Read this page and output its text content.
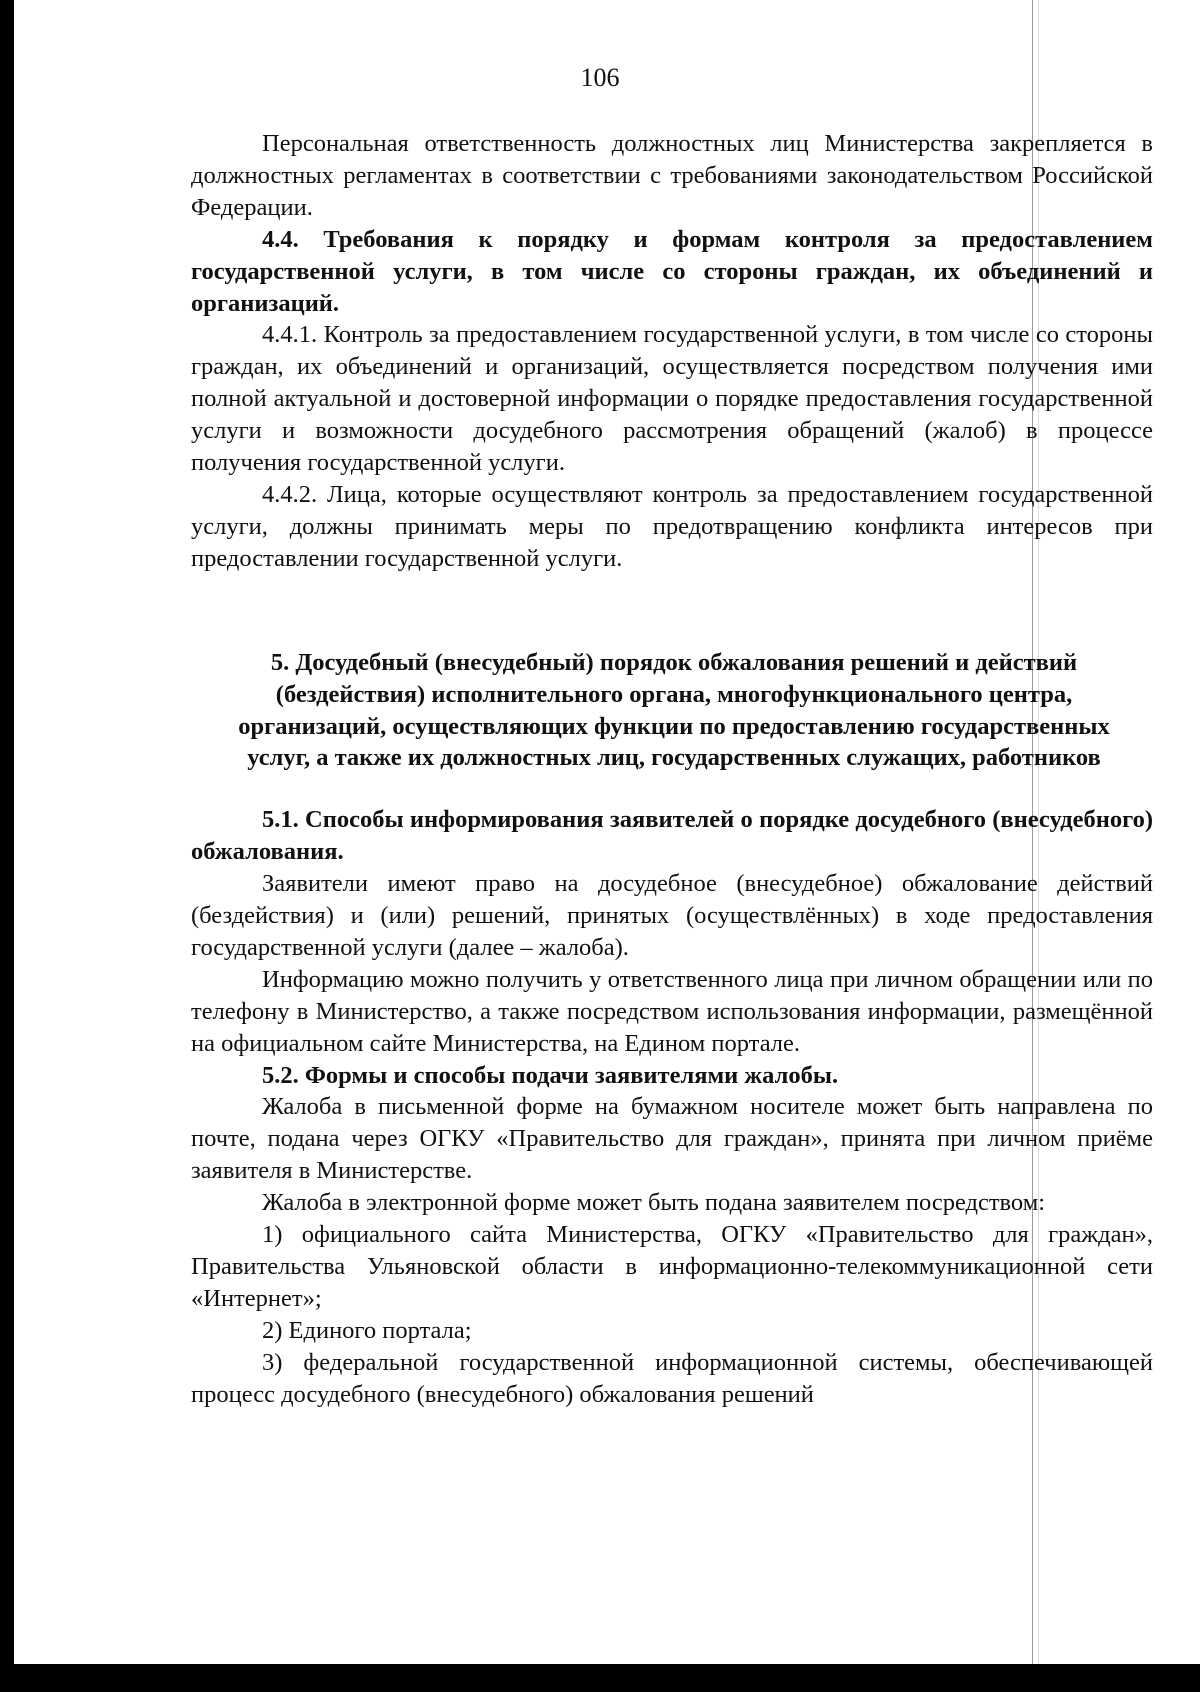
106

Персональная ответственность должностных лиц Министерства закрепляется в должностных регламентах в соответствии с требованиями законодательством Российской Федерации.

4.4. Требования к порядку и формам контроля за предоставлением государственной услуги, в том числе со стороны граждан, их объединений и организаций.

4.4.1. Контроль за предоставлением государственной услуги, в том числе со стороны граждан, их объединений и организаций, осуществляется посредством получения ими полной актуальной и достоверной информации о порядке предоставления государственной услуги и возможности досудебного рассмотрения обращений (жалоб) в процессе получения государственной услуги.

4.4.2. Лица, которые осуществляют контроль за предоставлением государственной услуги, должны принимать меры по предотвращению конфликта интересов при предоставлении государственной услуги.

5. Досудебный (внесудебный) порядок обжалования решений и действий (бездействия) исполнительного органа, многофункционального центра, организаций, осуществляющих функции по предоставлению государственных услуг, а также их должностных лиц, государственных служащих, работников

5.1. Способы информирования заявителей о порядке досудебного (внесудебного) обжалования.

Заявители имеют право на досудебное (внесудебное) обжалование действий (бездействия) и (или) решений, принятых (осуществлённых) в ходе предоставления государственной услуги (далее – жалоба).

Информацию можно получить у ответственного лица при личном обращении или по телефону в Министерство, а также посредством использования информации, размещённой на официальном сайте Министерства, на Едином портале.

5.2. Формы и способы подачи заявителями жалобы.

Жалоба в письменной форме на бумажном носителе может быть направлена по почте, подана через ОГКУ «Правительство для граждан», принята при личном приёме заявителя в Министерстве.

Жалоба в электронной форме может быть подана заявителем посредством:

1) официального сайта Министерства, ОГКУ «Правительство для граждан», Правительства Ульяновской области в информационно-телекоммуникационной сети «Интернет»;

2) Единого портала;

3) федеральной государственной информационной системы, обеспечивающей процесс досудебного (внесудебного) обжалования решений
